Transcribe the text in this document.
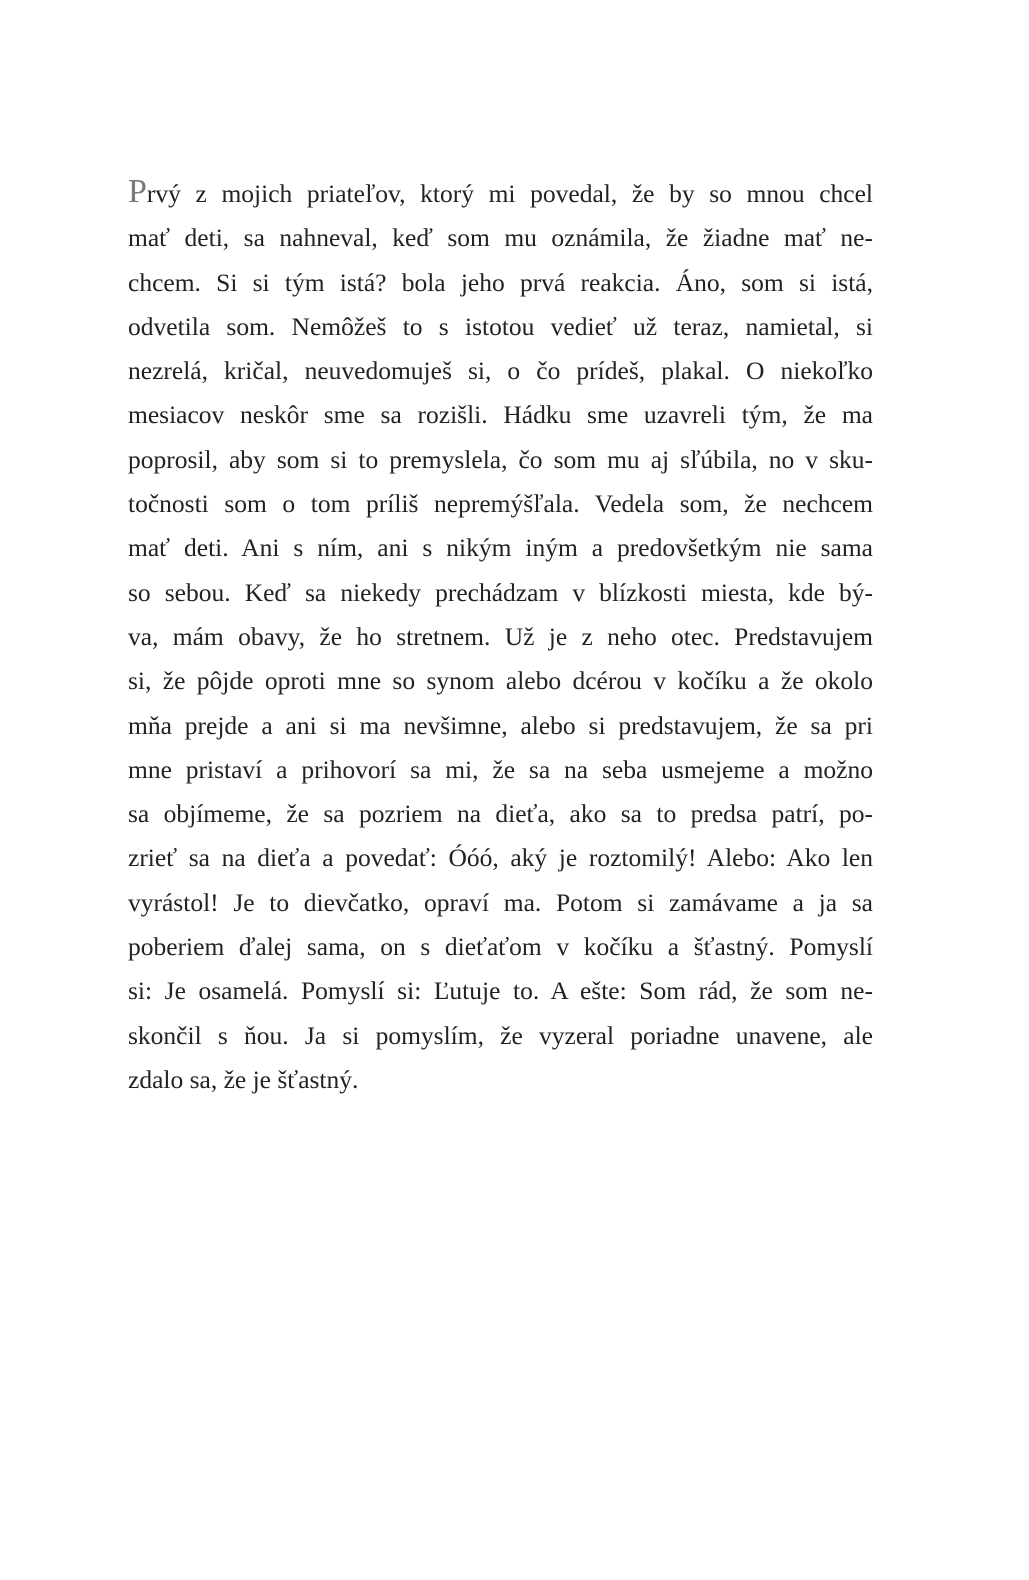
Prvý z mojich priateľov, ktorý mi povedal, že by so mnou chcel
mať deti, sa nahneval, keď som mu oznámila, že žiadne mať ne-
chcem. Si si tým istá? bola jeho prvá reakcia. Áno, som si istá,
odvetila som. Nemôžeš to s istotou vedieť už teraz, namietal, si
nezrelá, kričal, neuvedomuješ si, o čo prídeš, plakal. O niekoľko
mesiacov neskôr sme sa rozišli. Hádku sme uzavreli tým, že ma
poprosil, aby som si to premyslela, čo som mu aj sľúbila, no v sku-
točnosti som o tom príliš nepremýšľala. Vedela som, že nechcem
mať deti. Ani s ním, ani s nikým iným a predovšetkým nie sama
so sebou. Keď sa niekedy prechádzam v blízkosti miesta, kde bý-
va, mám obavy, že ho stretnem. Už je z neho otec. Predstavujem
si, že pôjde oproti mne so synom alebo dcérou v kočíku a že okolo
mňa prejde a ani si ma nevšimne, alebo si predstavujem, že sa pri
mne pristaví a prihovorí sa mi, že sa na seba usmejeme a možno
sa objímeme, že sa pozriem na dieťa, ako sa to predsa patrí, po-
zrieť sa na dieťa a povedať: Óóó, aký je roztomilý! Alebo: Ako len
vyrástol! Je to dievčatko, opraví ma. Potom si zamávame a ja sa
poberiem ďalej sama, on s dieťaťom v kočíku a šťastný. Pomyslí
si: Je osamelá. Pomyslí si: Ľutuje to. A ešte: Som rád, že som ne-
skončil s ňou. Ja si pomyslím, že vyzeral poriadne unavene, ale
zdalo sa, že je šťastný.
